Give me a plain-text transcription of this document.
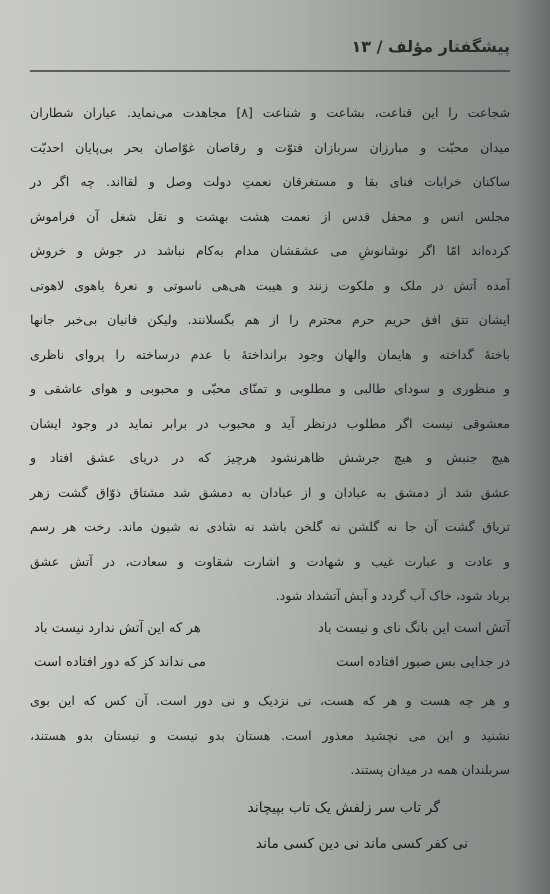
پیشگفتار مؤلف / ۱۳
شجاعت را این قناعت، بشاعت و شناعت [۸] مجاهدت می‌نماید. عیاران شطاران
میدان محبّت و مبارزان سربازان فتوّت و رقاصان غوّاصان بحر بی‌پایان احدیّت
ساکنان خرابات فنای بقا و مستغرقان نعمتِ دولت وصل و لقااند. چه اگر در
مجلس انس و محفل قدس از نعمت هشت بهشت و نقل شغل آن فراموش
کرده‌اند امّا اگر نوشانوشِ می عشقشان مدام به‌کام نباشد در جوش و خروش
آمده آتش در ملک و ملکوت زنند و هیبت هی‌هی ناسوتی و نعرهٔ یاهوی لاهوتی
ایشان تتق افق حریم حرم محترم را از هم بگسلانند. ولیکن فانیان بی‌خبر جانها
باختهٔ گداخته و هایمان والهان وجود برانداختهٔ با عدم درساخته را پروای ناظری
و منظوری و سودای طالبی و مطلوبی و تمنّای محبّی و محبوبی و هوای عاشقی و
معشوقی نیست اگر مطلوب درنظر آید و محبوب در برابر نماید در وجود ایشان
هیچ جنبش و هیچ جرشش ظاهرنشود هرچیز که در دریای عشق افتاد و
عشق شد از دمشق به عبادان و از عبادان به دمشق شد مشتاق ذوّاق گشت زهر
تریاق گشت آن جا نه گلشن نه گلخن باشد نه شادی نه شیون ماند. رخت هر رسم
و عادت و عبارت غیب و شهادت و اشارت شقاوت و سعادت، در آتش عشق
برباد شود، خاک آب گردد و آبش آتشداد شود.
آتش است این بانگ نای و نیست باد
هر که این آتش ندارد نیست باد
در جدایی بس صبور افتاده است
می نداند کز که دور افتاده است
و هر چه هست و هر که هست، نی نزدیک و نی دور است. آن کس که این بوی
نشنید و این می نچشید معذور است. هستان بدو نیست و نیستان بدو هستند،
سربلندان همه در میدان پستند.
گر تاب سر زلفش یک تاب بپیچاند
نی کفر کسی ماند نی دین کسی ماند
